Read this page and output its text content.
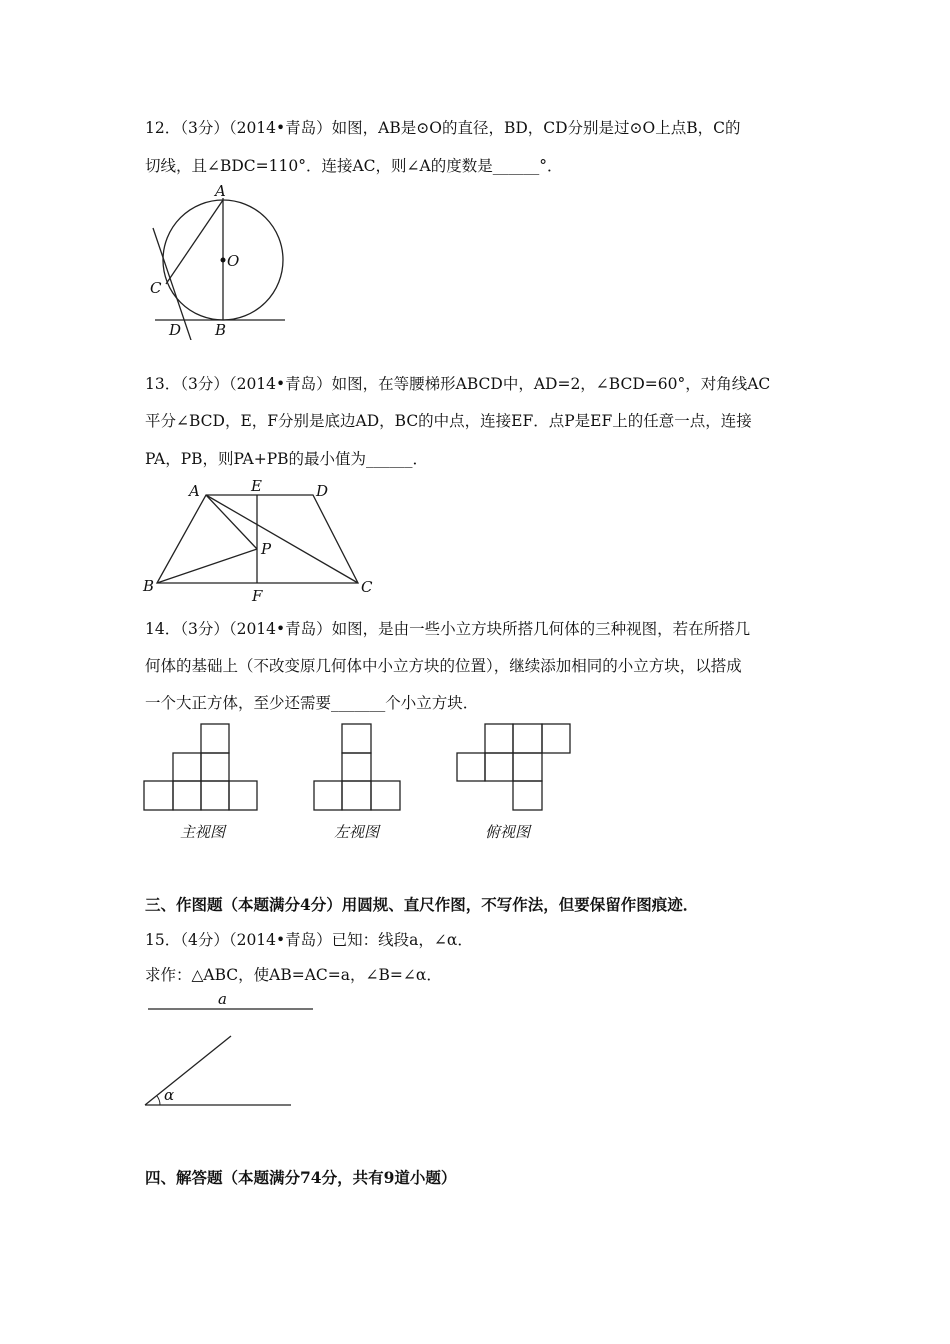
12．（3分）（2014•青岛）如图，AB是⊙O的直径，BD，CD分别是过⊙O上点B，C的
切线，且∠BDC=110°．连接AC，则∠A的度数是______°．
A
O
C
D B
13．（3分）（2014•青岛）如图，在等腰梯形ABCD中，AD=2，∠BCD=60°，对角线AC
平分∠BCD，E，F分别是底边AD，BC的中点，连接EF．点P是EF上的任意一点，连接
PA，PB，则PA+PB的最小值为______．
A	E	D
P
B
F	C
14．（3分）（2014•青岛）如图，是由一些小立方块所搭几何体的三种视图，若在所搭几
何体的基础上（不改变原几何体中小立方块的位置），继续添加相同的小立方块，以搭成
一个大正方体，至少还需要_______个小立方块．
主视图	左视图	俯视图
三、作图题（本题满分4分）用圆规、直尺作图，不写作法，但要保留作图痕迹．
15．（4分）（2014•青岛）已知：线段a，∠α．
求作：△ABC，使AB=AC=a，∠B=∠α．
a
α
四、解答题（本题满分74分，共有9道小题）
